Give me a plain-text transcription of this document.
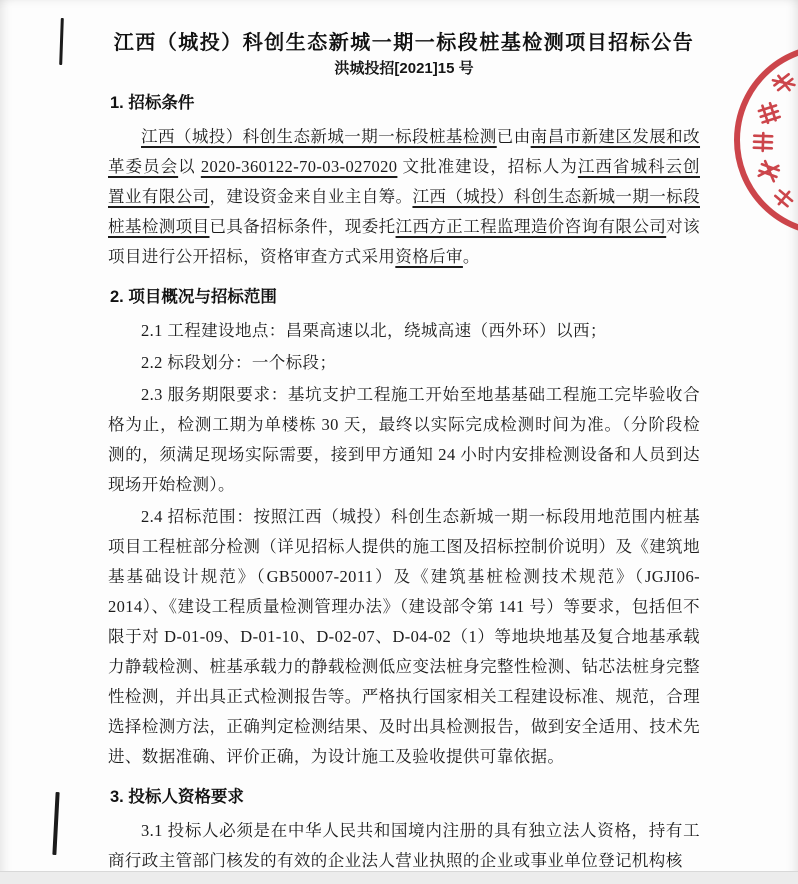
江西（城投）科创生态新城一期一标段桩基检测项目招标公告
洪城投招[2021]15 号
1. 招标条件

江西（城投）科创生态新城一期一标段桩基检测已由南昌市新建区发展和改革委员会以 2020-360122-70-03-027020 文批准建设，招标人为江西省城科云创置业有限公司，建设资金来自业主自筹。江西（城投）科创生态新城一期一标段桩基检测项目已具备招标条件，现委托江西方正工程监理造价咨询有限公司对该项目进行公开招标，资格审查方式采用资格后审。

2. 项目概况与招标范围

2.1 工程建设地点：昌栗高速以北，绕城高速（西外环）以西；

2.2 标段划分：一个标段；

2.3 服务期限要求：基坑支护工程施工开始至地基基础工程施工完毕验收合格为止，检测工期为单楼栋 30 天，最终以实际完成检测时间为准。（分阶段检测的，须满足现场实际需要，接到甲方通知 24 小时内安排检测设备和人员到达现场开始检测）。

2.4 招标范围：按照江西（城投）科创生态新城一期一标段用地范围内桩基项目工程桩部分检测（详见招标人提供的施工图及招标控制价说明）及《建筑地基基础设计规范》（GB50007-2011）及《建筑基桩检测技术规范》（JGJI06-2014）、《建设工程质量检测管理办法》（建设部令第 141 号）等要求，包括但不限于对 D-01-09、D-01-10、D-02-07、D-04-02（1）等地块地基及复合地基承载力静载检测、桩基承载力的静载检测低应变法桩身完整性检测、钻芯法桩身完整性检测，并出具正式检测报告等。严格执行国家相关工程建设标准、规范，合理选择检测方法，正确判定检测结果、及时出具检测报告，做到安全适用、技术先进、数据准确、评价正确，为设计施工及验收提供可靠依据。

3. 投标人资格要求

3.1 投标人必须是在中华人民共和国境内注册的具有独立法人资格，持有工商行政主管部门核发的有效的企业法人营业执照的企业或事业单位登记机构核
